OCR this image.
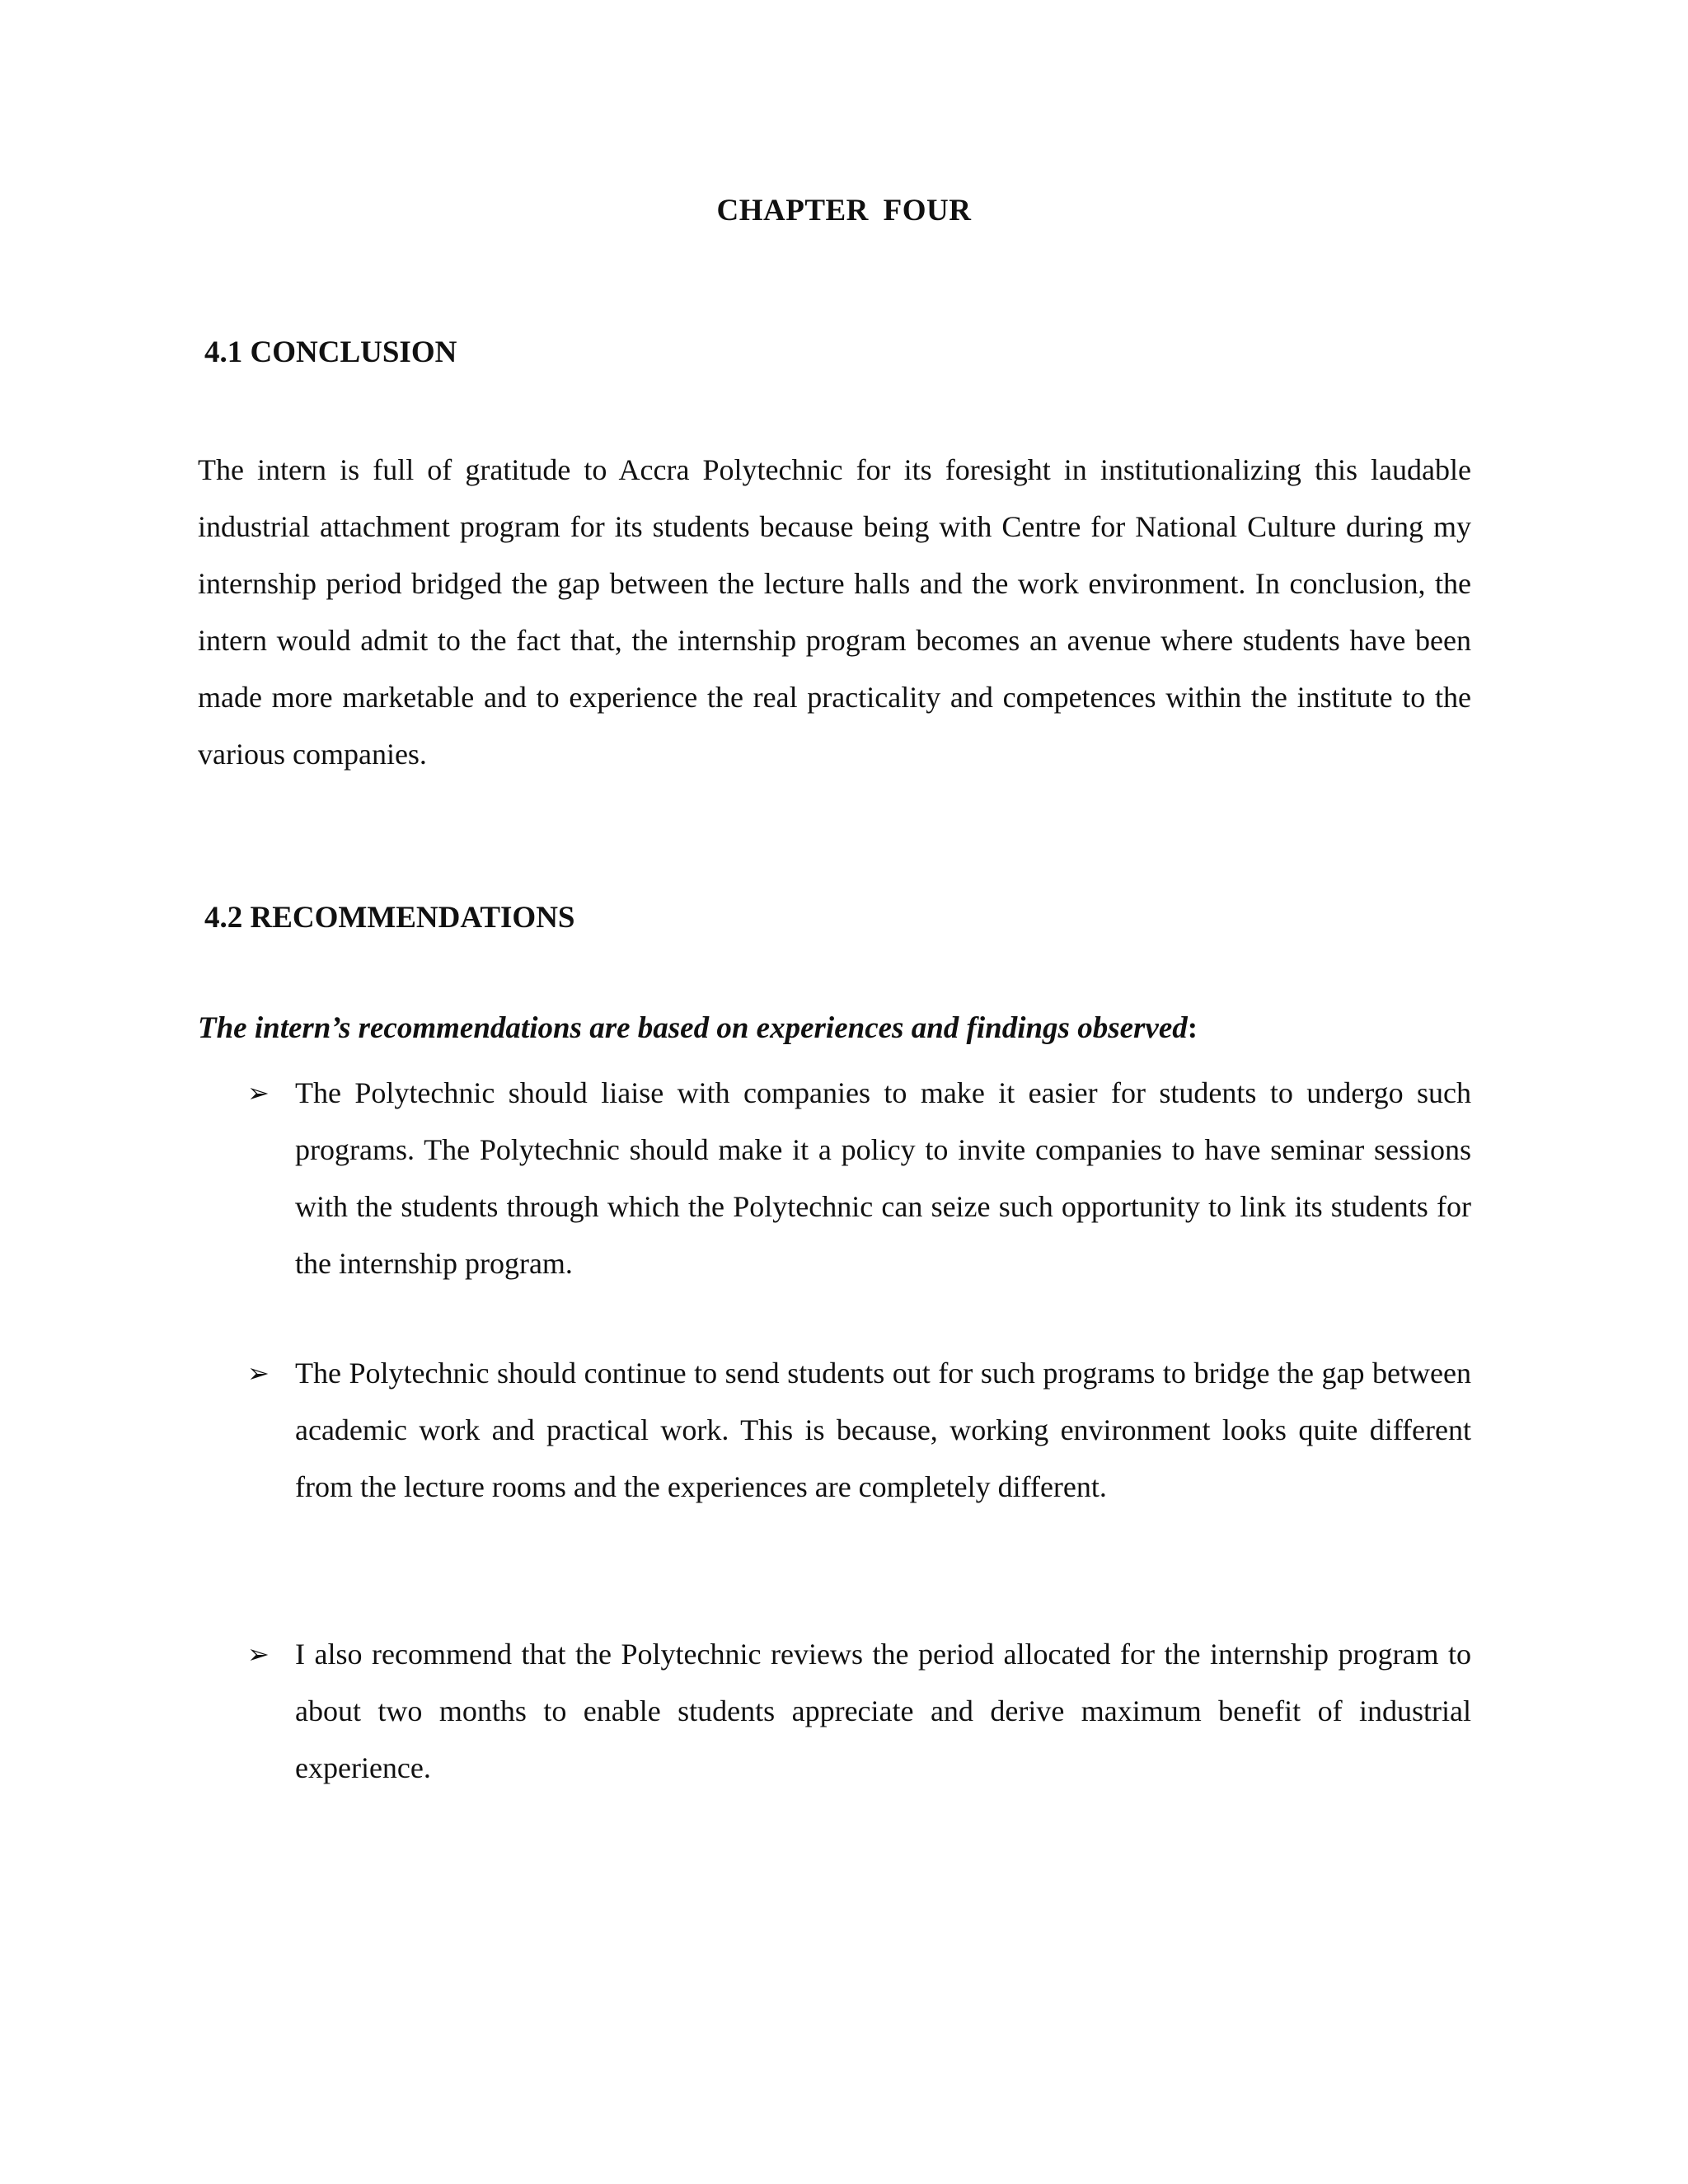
CHAPTER FOUR
4.1 CONCLUSION

The intern is full of gratitude to Accra Polytechnic for its foresight in institutionalizing this laudable industrial attachment program for its students because being with Centre for National Culture during my internship period bridged the gap between the lecture halls and the work environment. In conclusion, the intern would admit to the fact that, the internship program becomes an avenue where students have been made more marketable and to experience the real practicality and competences within the institute to the various companies.

4.2 RECOMMENDATIONS
The intern’s recommendations are based on experiences and findings observed:
➢ The Polytechnic should liaise with companies to make it easier for students to undergo such programs. The Polytechnic should make it a policy to invite companies to have seminar sessions with the students through which the Polytechnic can seize such opportunity to link its students for the internship program.

➢ The Polytechnic should continue to send students out for such programs to bridge the gap between academic work and practical work. This is because, working environment looks quite different from the lecture rooms and the experiences are completely different.

➢ I also recommend that the Polytechnic reviews the period allocated for the internship program to about two months to enable students appreciate and derive maximum benefit of industrial experience.
